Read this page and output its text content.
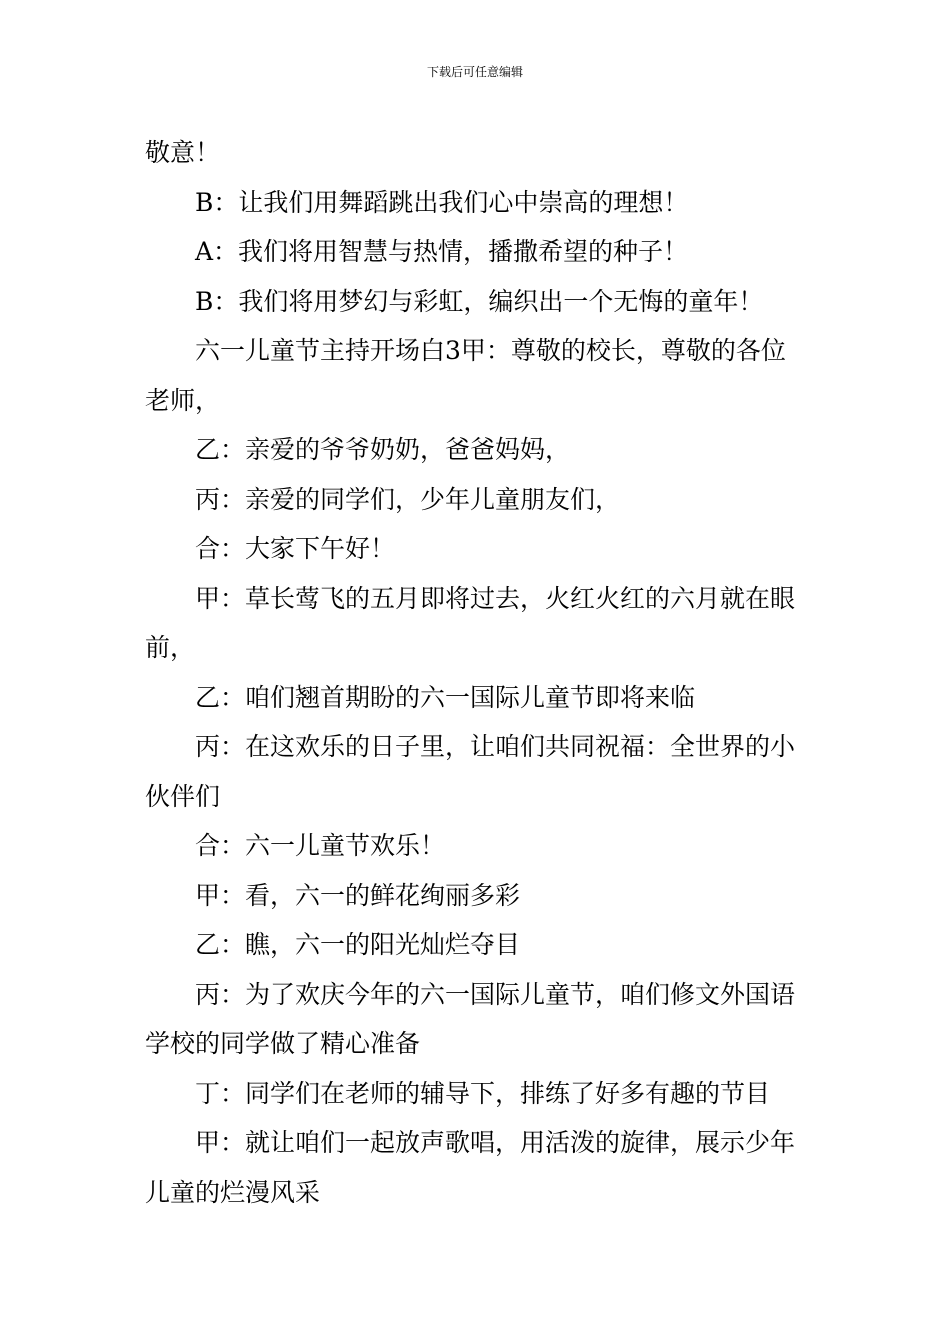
下载后可任意编辑

敬意！

B：让我们用舞蹈跳出我们心中崇高的理想！

A：我们将用智慧与热情，播撒希望的种子！

B：我们将用梦幻与彩虹，编织出一个无悔的童年！

六一儿童节主持开场白3甲：尊敬的校长，尊敬的各位老师，

乙：亲爱的爷爷奶奶，爸爸妈妈，

丙：亲爱的同学们，少年儿童朋友们，

合：大家下午好！

甲：草长莺飞的五月即将过去，火红火红的六月就在眼前，

乙：咱们翘首期盼的六一国际儿童节即将来临

丙：在这欢乐的日子里，让咱们共同祝福：全世界的小伙伴们

合：六一儿童节欢乐！

甲：看，六一的鲜花绚丽多彩

乙：瞧，六一的阳光灿烂夺目

丙：为了欢庆今年的六一国际儿童节，咱们修文外国语学校的同学做了精心准备

丁：同学们在老师的辅导下，排练了好多有趣的节目

甲：就让咱们一起放声歌唱，用活泼的旋律，展示少年儿童的烂漫风采
